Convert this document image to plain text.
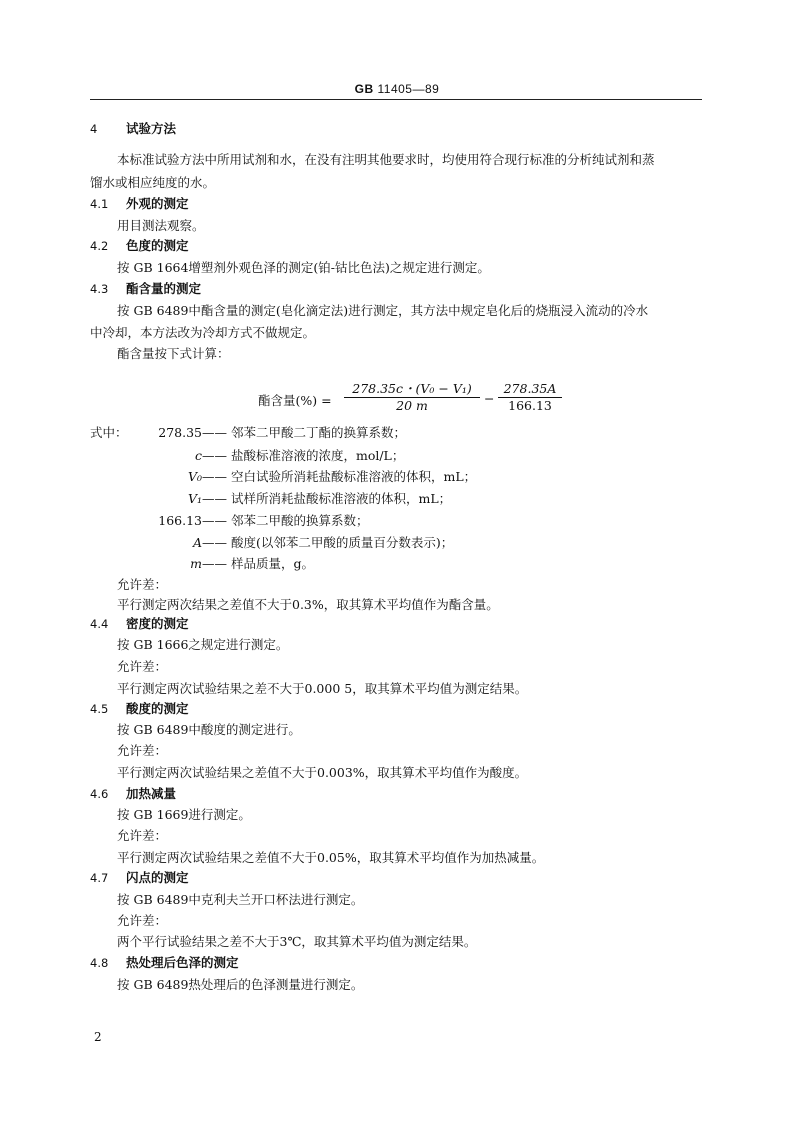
GB 11405—89
4 试验方法
本标准试验方法中所用试剂和水，在没有注明其他要求时，均使用符合现行标准的分析纯试剂和蒸
馏水或相应纯度的水。
4.1 外观的测定
用目测法观察。
4.2 色度的测定
按 GB 1664增塑剂外观色泽的测定(铂-钴比色法)之规定进行测定。
4.3 酯含量的测定
按 GB 6489中酯含量的测定(皂化滴定法)进行测定，其方法中规定皂化后的烧瓶浸入流动的冷水
中冷却，本方法改为冷却方式不做规定。
酯含量按下式计算：
酯含量(%) = $\frac{\text{278.35c・(V₀ − V₁)}}{20 m} - \frac{278.35A}{166.13}$
式中：	278.35—— 邻苯二甲酸二丁酯的换算系数；
c—— 盐酸标准溶液的浓度，mol/L；
V₀—— 空白试验所消耗盐酸标准溶液的体积，mL；
V₁—— 试样所消耗盐酸标准溶液的体积，mL；
166.13—— 邻苯二甲酸的换算系数；
A—— 酸度(以邻苯二甲酸的质量百分数表示)；
m—— 样品质量，g。
允许差：
平行测定两次结果之差值不大于0.3%，取其算术平均值作为酯含量。
4.4 密度的测定
按 GB 1666之规定进行测定。
允许差：
平行测定两次试验结果之差不大于0.000 5，取其算术平均值为测定结果。
4.5 酸度的测定
按 GB 6489中酸度的测定进行。
允许差：
平行测定两次试验结果之差值不大于0.003%，取其算术平均值作为酸度。
4.6 加热减量
按 GB 1669进行测定。
允许差：
平行测定两次试验结果之差值不大于0.05%，取其算术平均值作为加热减量。
4.7 闪点的测定
按 GB 6489中克利夫兰开口杯法进行测定。
允许差：
两个平行试验结果之差不大于3℃，取其算术平均值为测定结果。
4.8 热处理后色泽的测定
按 GB 6489热处理后的色泽测量进行测定。
2
